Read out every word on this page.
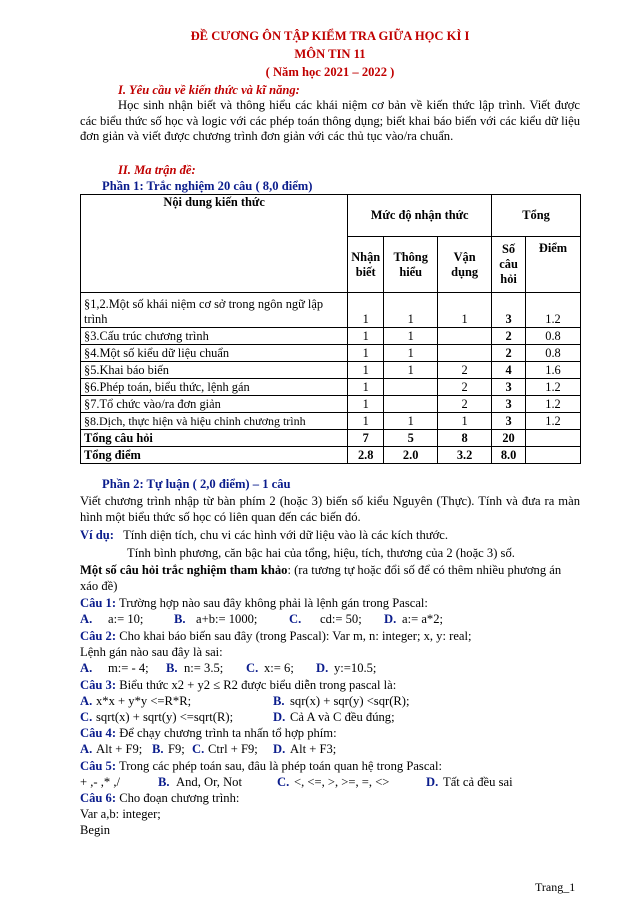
ĐỀ CƯƠNG ÔN TẬP KIỂM TRA GIỮA HỌC KÌ I
MÔN TIN 11
( Năm học 2021 – 2022 )
I. Yêu cầu về kiến thức và kĩ năng:
Học sinh nhận biết và thông hiểu các khái niệm cơ bản về kiến thức lập trình. Viết được các biểu thức số học và logic với các phép toán thông dụng; biết khai báo biến với các kiểu dữ liệu đơn giản và viết được chương trình đơn giản với các thủ tục vào/ra chuẩn.
II. Ma trận đề:
Phần 1: Trắc nghiệm 20 câu ( 8,0 điểm)
Nội dung kiến thức	Mức độ nhận thức			Tổng	
	Nhận biết	Thông hiểu	Vận dụng	Số câu hỏi	Điểm
§1,2.Một số khái niệm cơ sở trong ngôn ngữ lập trình	1	1	1	3	1.2
§3.Cấu trúc chương trình	1	1		2	0.8
§4.Một số kiểu dữ liệu chuẩn	1	1		2	0.8
§5.Khai báo biến	1	1	2	4	1.6
§6.Phép toán, biểu thức, lệnh gán	1		2	3	1.2
§7.Tổ chức vào/ra đơn giản	1		2	3	1.2
§8.Dịch, thực hiện và hiệu chỉnh chương trình	1	1	1	3	1.2
Tổng câu hỏi	7	5	8	20	
Tổng điểm	2.8	2.0	3.2	8.0	
Phần 2: Tự luận ( 2,0 điểm) – 1 câu
Viết chương trình nhập từ bàn phím 2 (hoặc 3) biến số kiểu Nguyên (Thực). Tính và đưa ra màn hình một biểu thức số học có liên quan đến các biến đó.
Ví dụ: Tính diện tích, chu vi các hình với dữ liệu vào là các kích thước.
Tính bình phương, căn bậc hai của tổng, hiệu, tích, thương của 2 (hoặc 3) số.
Một số câu hỏi trắc nghiệm tham khảo: (ra tương tự hoặc đổi số để có thêm nhiều phương án xáo đề)
Câu 1: Trường hợp nào sau đây không phải là lệnh gán trong Pascal:
A. a:= 10; B. a+b:= 1000;	C. cd:= 50; D. a:= a*2;
Câu 2: Cho khai báo biến sau đây (trong Pascal): Var m, n: integer; x, y: real;
Lệnh gán nào sau đây là sai:
A. m:= - 4; B. n:= 3.5; C. x:= 6; D. y:=10.5;
Câu 3: Biểu thức x2 + y2 ≤ R2 được biểu diễn trong pascal là:
A. x*x + y*y <=R*R;	B. sqr(x) + sqr(y) <sqr(R);
C. sqrt(x) + sqrt(y) <=sqrt(R);	D. Cả A và C đều đúng;
Câu 4: Để chạy chương trình ta nhấn tổ hợp phím:
A. Alt + F9; B. F9; C. Ctrl + F9; D. Alt + F3;
Câu 5: Trong các phép toán sau, đâu là phép toán quan hệ trong Pascal:
+ ,- ,* ,/	B. And, Or, Not	C. <, <=, >, >=, =, <>	D. Tất cả đều sai
Câu 6: Cho đoạn chương trình:
Var a,b: integer;
Begin
Trang_1
